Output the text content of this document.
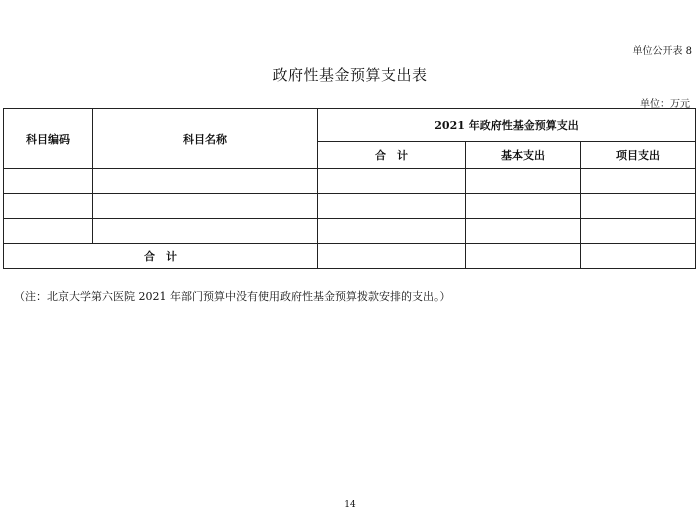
单位公开表 8
政府性基金预算支出表
单位：万元
科目编码	科目名称	2021 年政府性基金预算支出		
		合　计	基本支出	项目支出

合　计				
（注：北京大学第六医院 2021 年部门预算中没有使用政府性基金预算拨款安排的支出。）
14
